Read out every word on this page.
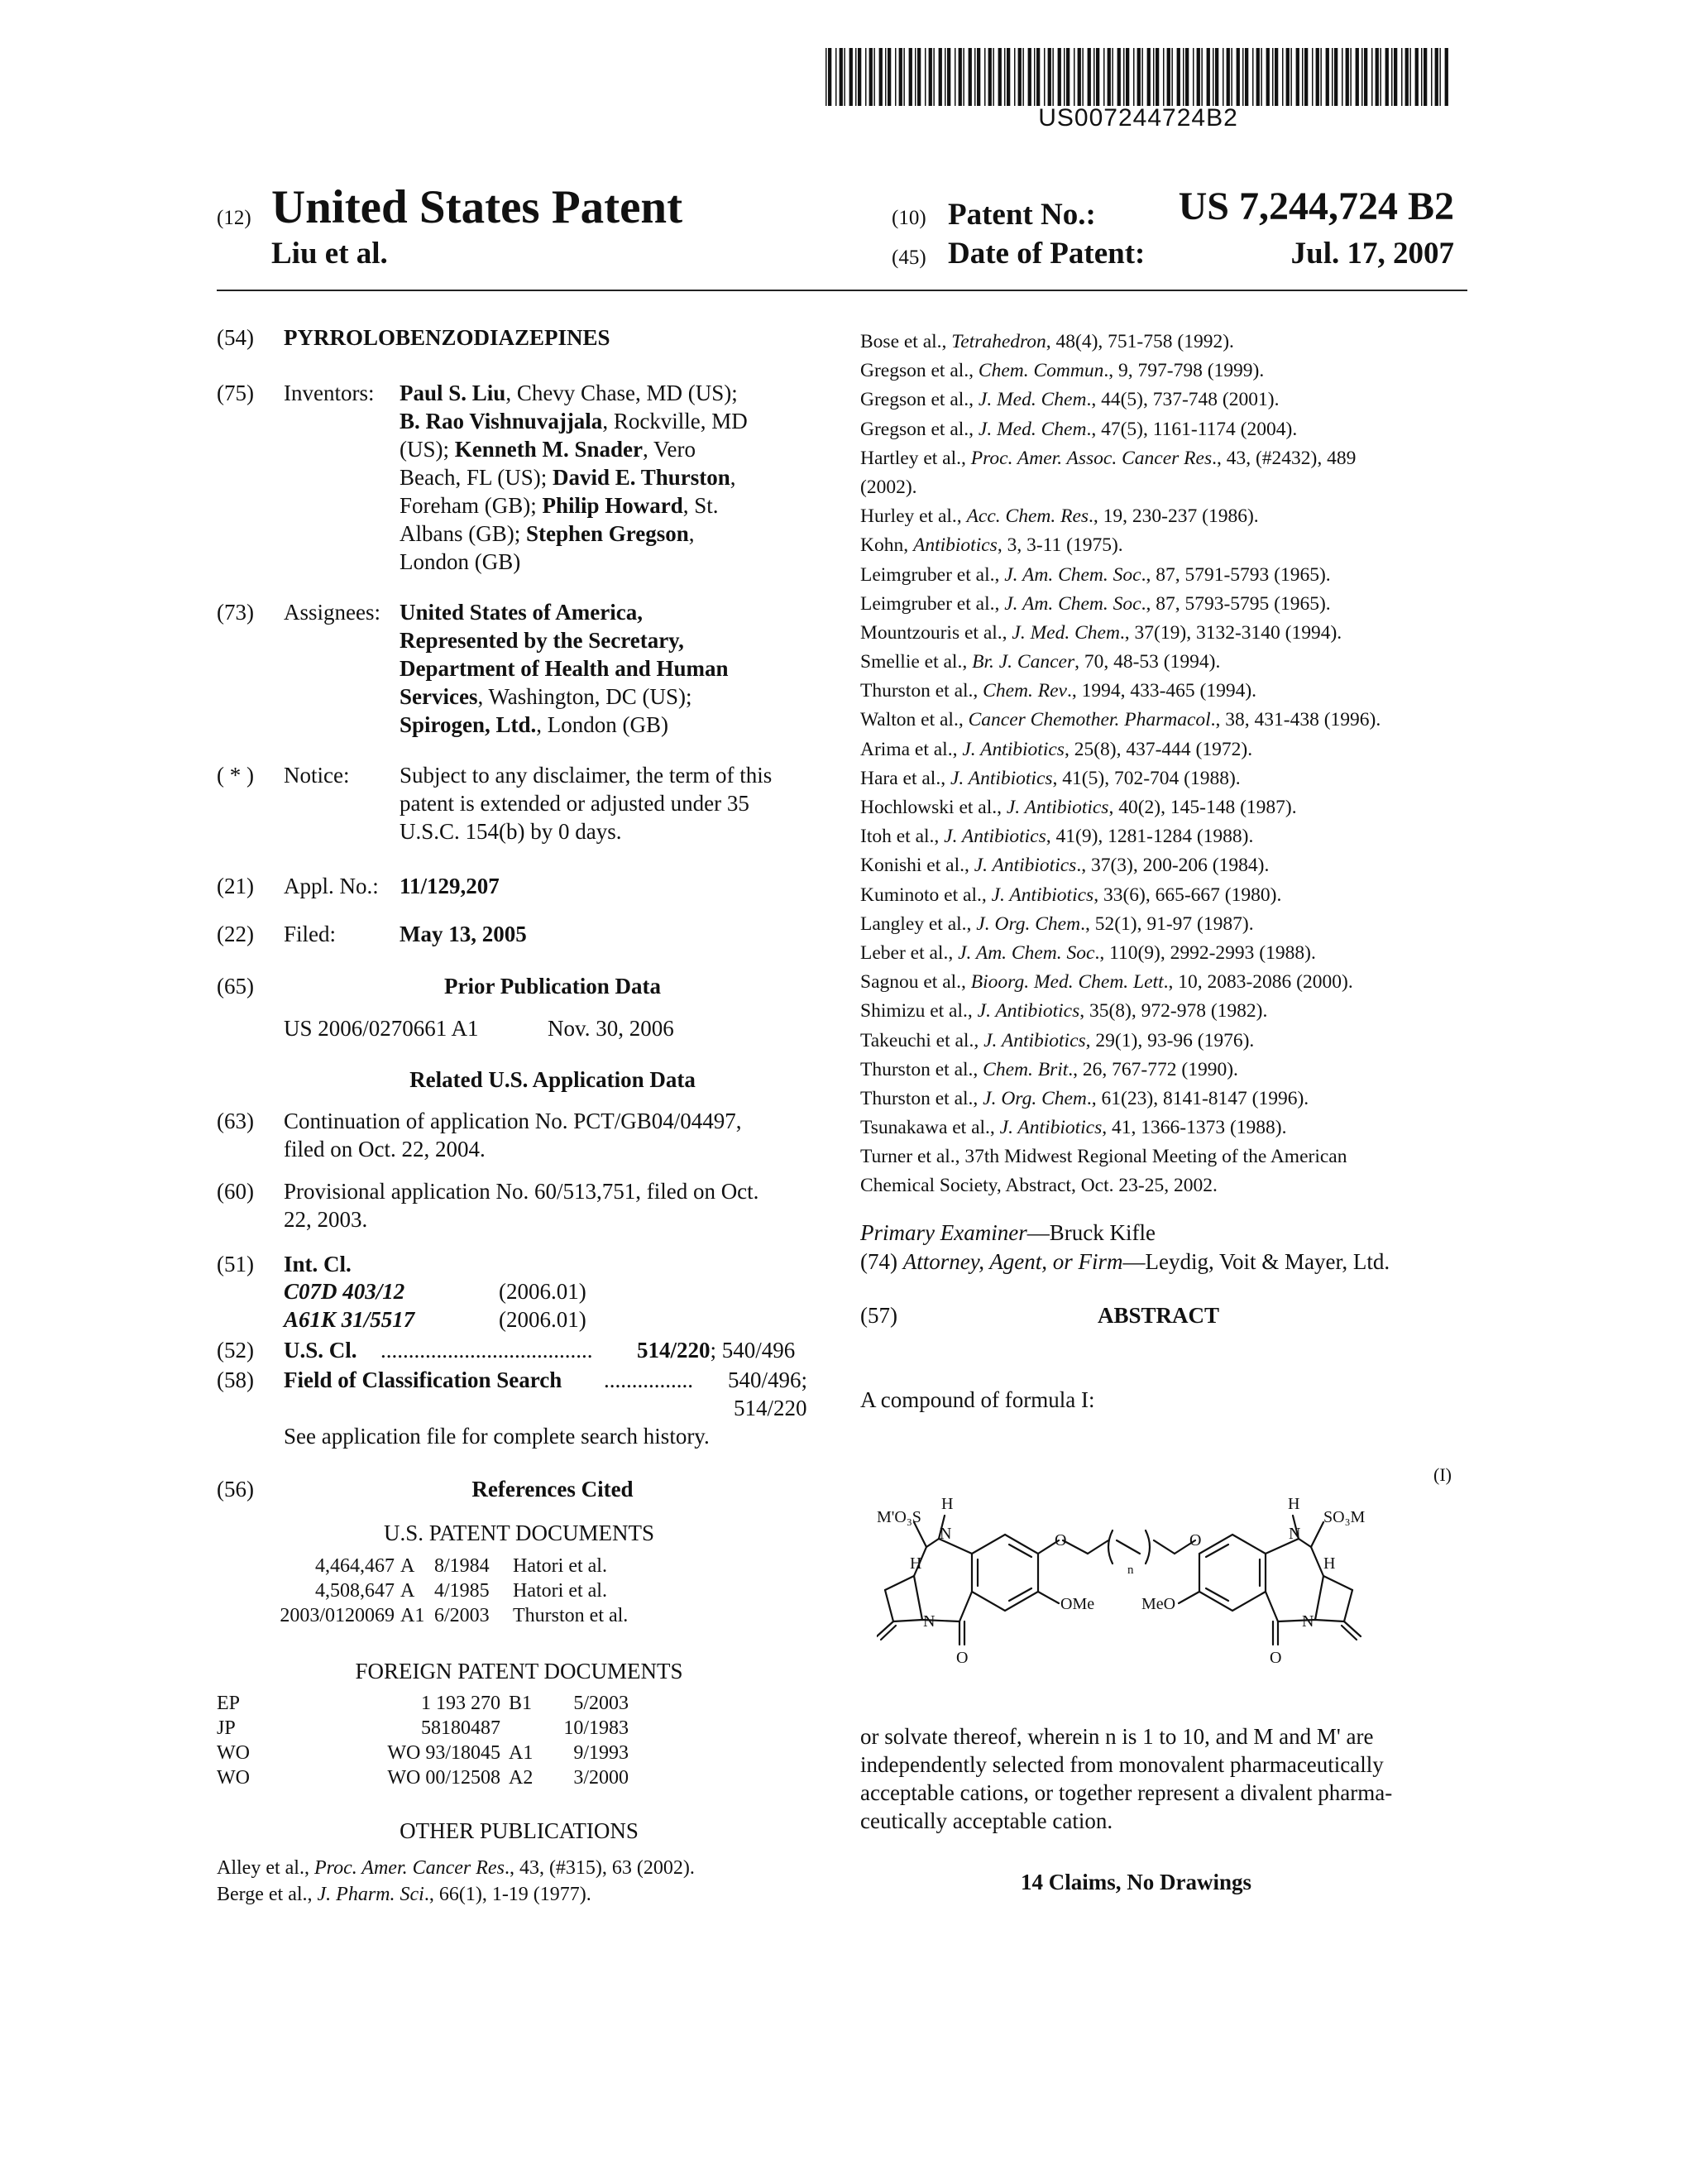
US007244724B2
(12) United States Patent
Liu et al.
(10) Patent No.: US 7,244,724 B2
(45) Date of Patent:	Jul. 17, 2007
(54) PYRROLOBENZODIAZEPINES
(75) Inventors: Paul S. Liu, Chevy Chase, MD (US);
B. Rao Vishnuvajjala, Rockville, MD
(US); Kenneth M. Snader, Vero
Beach, FL (US); David E. Thurston,
Foreham (GB); Philip Howard, St.
Albans (GB); Stephen Gregson,
London (GB)
(73) Assignees: United States of America,
Represented by the Secretary,
Department of Health and Human
Services, Washington, DC (US);
Spirogen, Ltd., London (GB)
( * ) Notice: Subject to any disclaimer, the term of this
patent is extended or adjusted under 35
U.S.C. 154(b) by 0 days.
(21) Appl. No.: 11/129,207
(22) Filed:	May 13, 2005
(65)	Prior Publication Data
US 2006/0270661 A1	Nov. 30, 2006
Related U.S. Application Data
(63) Continuation of application No. PCT/GB04/04497,
filed on Oct. 22, 2004.
(60) Provisional application No. 60/513,751, filed on Oct.
22, 2003.
(51) Int. Cl.
C07D 403/12	(2006.01)
A61K 31/5517	(2006.01)
(52) U.S. Cl. ...................................... 514/220; 540/496
(58) Field of Classification Search ................ 540/496;
514/220
See application file for complete search history.
(56)	References Cited
U.S. PATENT DOCUMENTS
4,464,467 A 8/1984 Hatori et al.
4,508,647 A 4/1985 Hatori et al.
2003/0120069 A1 6/2003 Thurston et al.
FOREIGN PATENT DOCUMENTS
EP	1 193 270 B1	5/2003
JP	58180487	10/1983
WO	WO 93/18045 A1	9/1993
WO	WO 00/12508 A2	3/2000
OTHER PUBLICATIONS
Alley et al., Proc. Amer. Cancer Res., 43, (#315), 63 (2002).
Berge et al., J. Pharm. Sci., 66(1), 1-19 (1977).
Bose et al., Tetrahedron, 48(4), 751-758 (1992).
Gregson et al., Chem. Commun., 9, 797-798 (1999).
Gregson et al., J. Med. Chem., 44(5), 737-748 (2001).
Gregson et al., J. Med. Chem., 47(5), 1161-1174 (2004).
Hartley et al., Proc. Amer. Assoc. Cancer Res., 43, (#2432), 489
(2002).
Hurley et al., Acc. Chem. Res., 19, 230-237 (1986).
Kohn, Antibiotics, 3, 3-11 (1975).
Leimgruber et al., J. Am. Chem. Soc., 87, 5791-5793 (1965).
Leimgruber et al., J. Am. Chem. Soc., 87, 5793-5795 (1965).
Mountzouris et al., J. Med. Chem., 37(19), 3132-3140 (1994).
Smellie et al., Br. J. Cancer, 70, 48-53 (1994).
Thurston et al., Chem. Rev., 1994, 433-465 (1994).
Walton et al., Cancer Chemother. Pharmacol., 38, 431-438 (1996).
Arima et al., J. Antibiotics, 25(8), 437-444 (1972).
Hara et al., J. Antibiotics, 41(5), 702-704 (1988).
Hochlowski et al., J. Antibiotics, 40(2), 145-148 (1987).
Itoh et al., J. Antibiotics, 41(9), 1281-1284 (1988).
Konishi et al., J. Antibiotics., 37(3), 200-206 (1984).
Kuminoto et al., J. Antibiotics, 33(6), 665-667 (1980).
Langley et al., J. Org. Chem., 52(1), 91-97 (1987).
Leber et al., J. Am. Chem. Soc., 110(9), 2992-2993 (1988).
Sagnou et al., Bioorg. Med. Chem. Lett., 10, 2083-2086 (2000).
Shimizu et al., J. Antibiotics, 35(8), 972-978 (1982).
Takeuchi et al., J. Antibiotics, 29(1), 93-96 (1976).
Thurston et al., Chem. Brit., 26, 767-772 (1990).
Thurston et al., J. Org. Chem., 61(23), 8141-8147 (1996).
Tsunakawa et al., J. Antibiotics, 41, 1366-1373 (1988).
Turner et al., 37th Midwest Regional Meeting of the American
Chemical Society, Abstract, Oct. 23-25, 2002.
Primary Examiner—Bruck Kifle
(74) Attorney, Agent, or Firm—Leydig, Voit & Mayer, Ltd.
(57)	ABSTRACT
A compound of formula I:
(I)
M'O₃S
H
N
H
N
O
O
n
O
OMe	MeO
H
N
SO₃M
H
N
O
or solvate thereof, wherein n is 1 to 10, and M and M' are
independently selected from monovalent pharmaceutically
acceptable cations, or together represent a divalent pharma-
ceutically acceptable cation.
14 Claims, No Drawings
